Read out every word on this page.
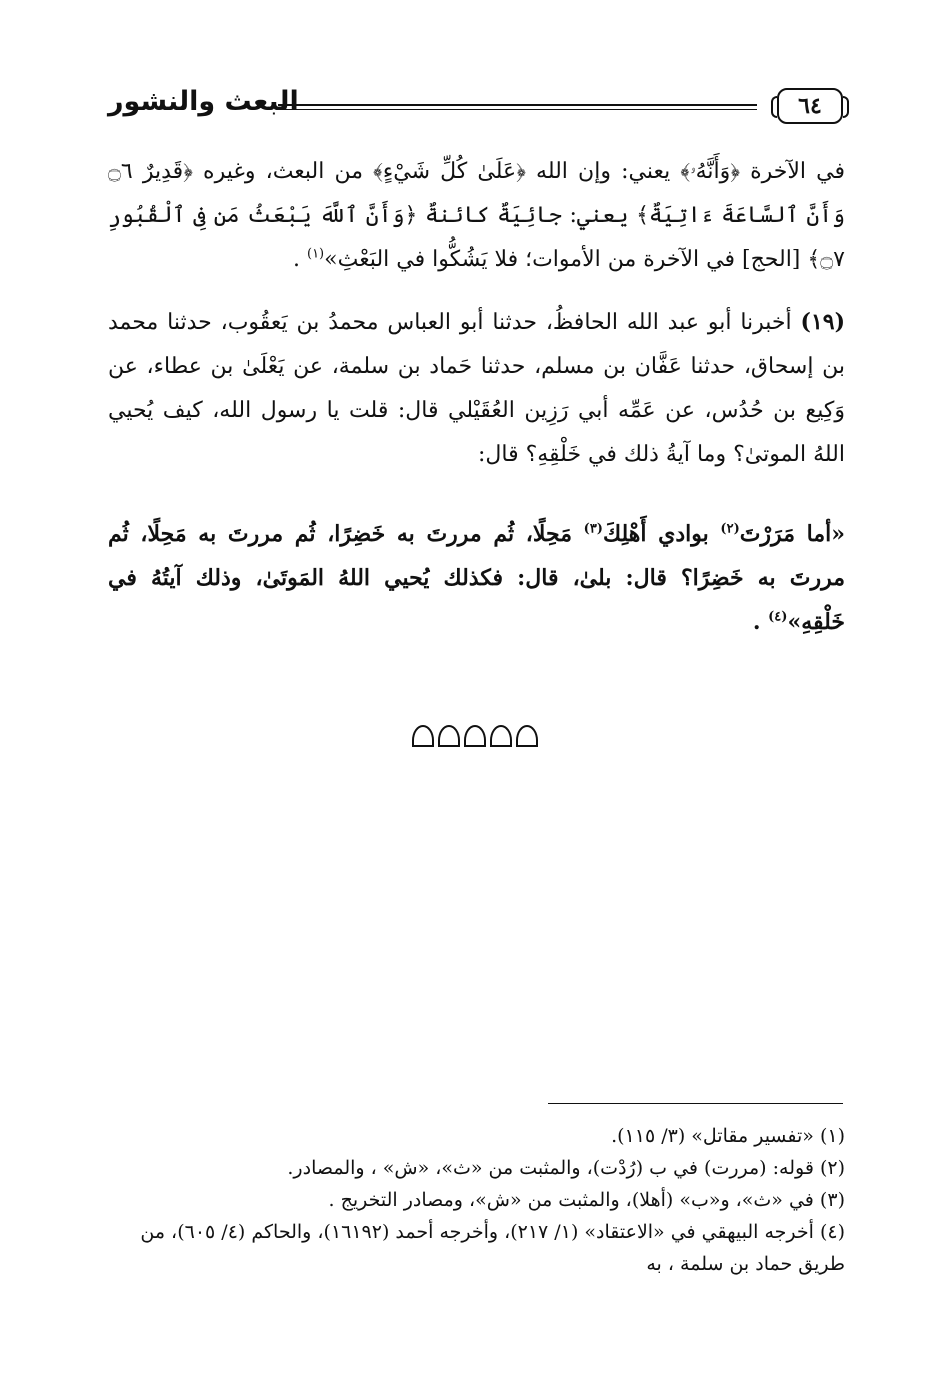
البعث والنشور	٦٤

في الآخرة ﴿وَأَنَّهُۥ﴾ يعني: وإن الله ﴿عَلَىٰ كُلِّ شَيْءٍ﴾ من البعث، وغيره ﴿قَدِيرٌ ۝٦ وَأَنَّ ٱلسَّاعَةَ ءَاتِيَةٌ﴾ يعني: جائِيَةٌ كائنةٌ ﴿وَأَنَّ ٱللَّهَ يَبْعَثُ مَن فِى ٱلْقُبُورِ ۝٧﴾ [الحج] في الآخرة من الأموات؛ فلا يَشُكُّوا في البَعْثِ»$^{(١)}$ .

(١٩) أخبرنا أبو عبد الله الحافظُ، حدثنا أبو العباس محمدُ بن يَعقُوب، حدثنا محمد بن إسحاق، حدثنا عَفَّان بن مسلم، حدثنا حَماد بن سلمة، عن يَعْلَىٰ بن عطاء، عن وَكِيع بن حُدُس، عن عَمِّه أبي رَزِين العُقَيْلي قال: قلت يا رسول الله، كيف يُحيي اللهُ الموتىٰ؟ وما آيةُ ذلك في خَلْقِهِ؟ قال:

«أما مَرَرْتَ$^{(٢)}$ بوادي أَهْلِكَ$^{(٣)}$ مَحِلًا، ثُم مررتَ به خَضِرًا، ثُم مررتَ به مَحِلًا، ثُم مررتَ به خَضِرًا؟ قال: بلىٰ، قال: فكذلك يُحيي اللهُ المَوتَىٰ، وذلك آيتُهُ في خَلْقِهِ»$^{(٤)}$ .

(١) «تفسير مقاتل» (٣/ ١١٥).
(٢) قوله: (مررت) في ب (رُدْت)، والمثبت من «ث»، «ش» ، والمصادر.
(٣) في «ث»، و«ب» (أهلا)، والمثبت من «ش»، ومصادر التخريج .
(٤) أخرجه البيهقي في «الاعتقاد» (١/ ٢١٧)، وأخرجه أحمد (١٦١٩٢)، والحاكم (٤/ ٦٠٥)، من طريق حماد بن سلمة ، به
